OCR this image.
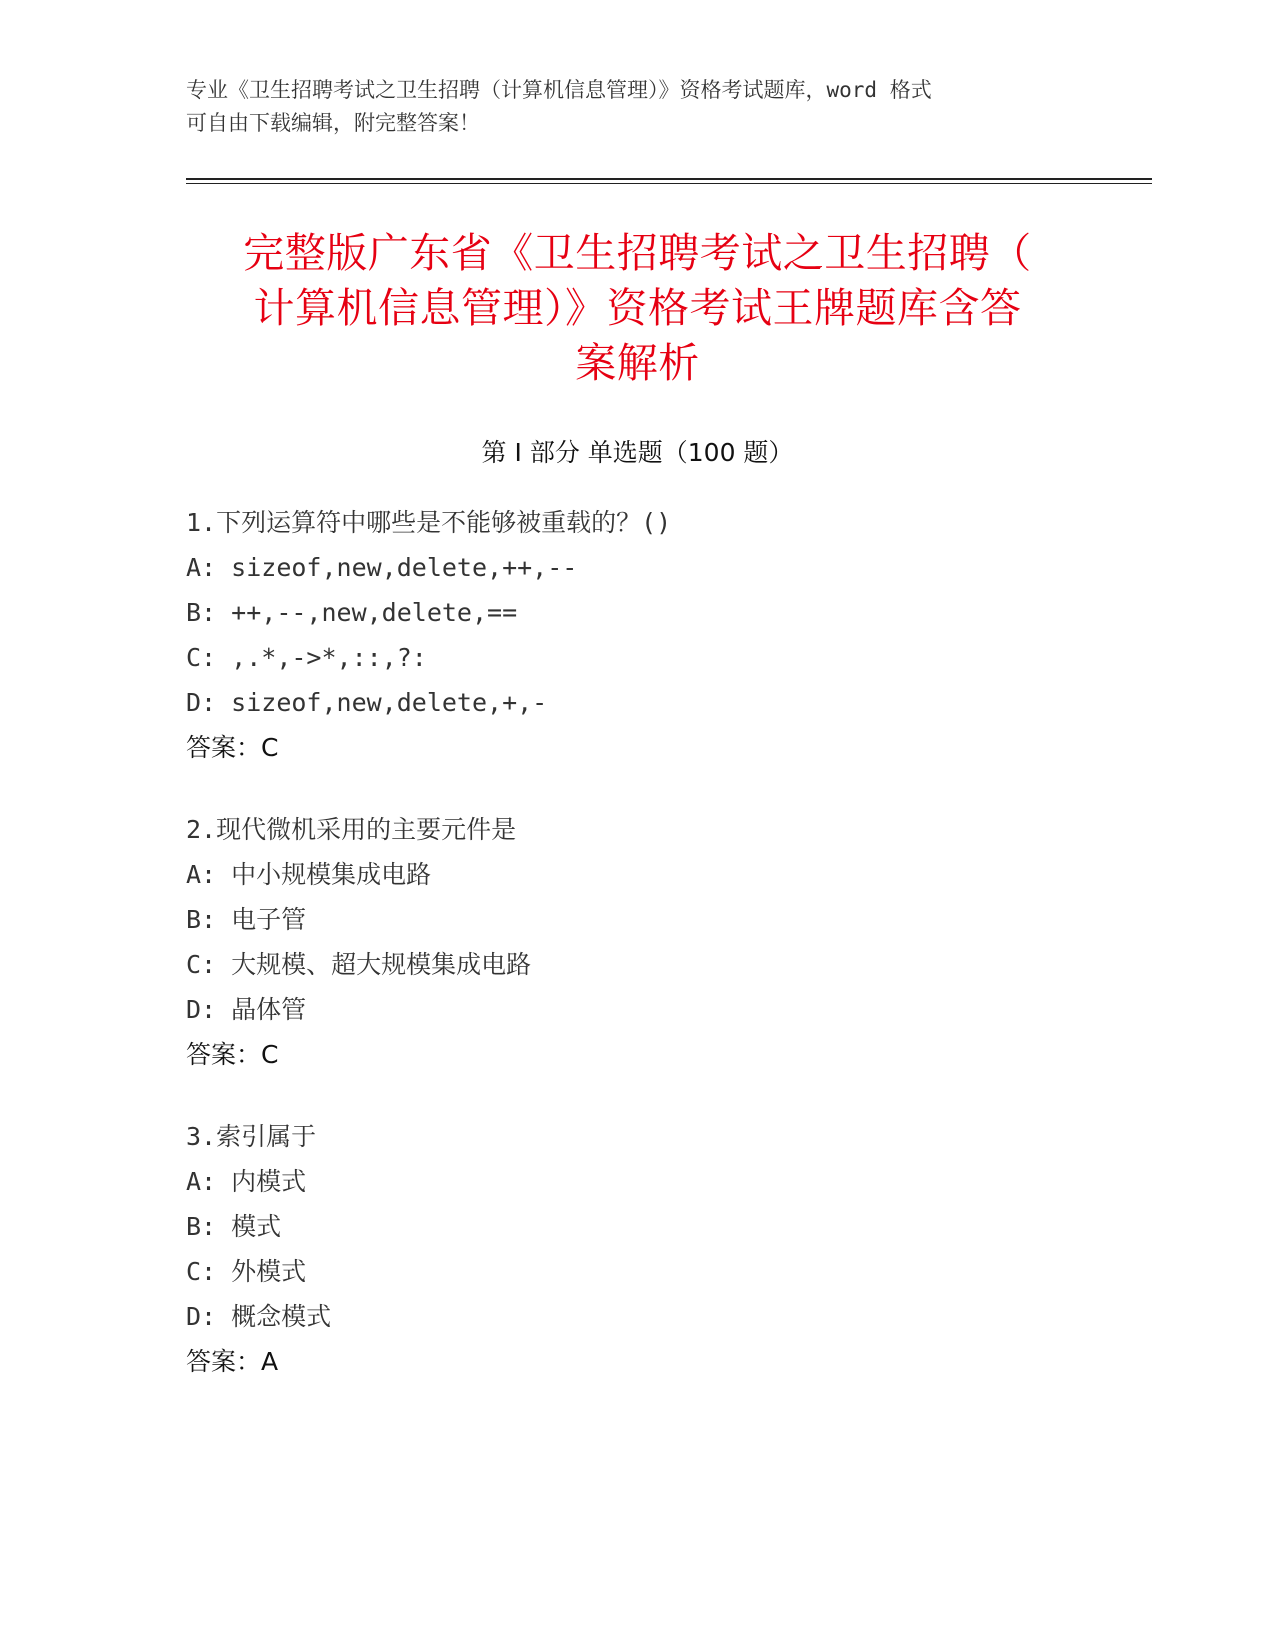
专业《卫生招聘考试之卫生招聘（计算机信息管理）》资格考试题库，word 格式
可自由下载编辑，附完整答案！
完整版广东省《卫生招聘考试之卫生招聘（
计算机信息管理）》资格考试王牌题库含答
案解析
第 I 部分 单选题（100 题）
1.下列运算符中哪些是不能够被重载的？()
A: sizeof,new,delete,++,--
B: ++,--,new,delete,==
C: ,.*,->*,::,?:
D: sizeof,new,delete,+,-
答案：C
2.现代微机采用的主要元件是
A: 中小规模集成电路
B: 电子管
C: 大规模、超大规模集成电路
D: 晶体管
答案：C
3.索引属于
A: 内模式
B: 模式
C: 外模式
D: 概念模式
答案：A
